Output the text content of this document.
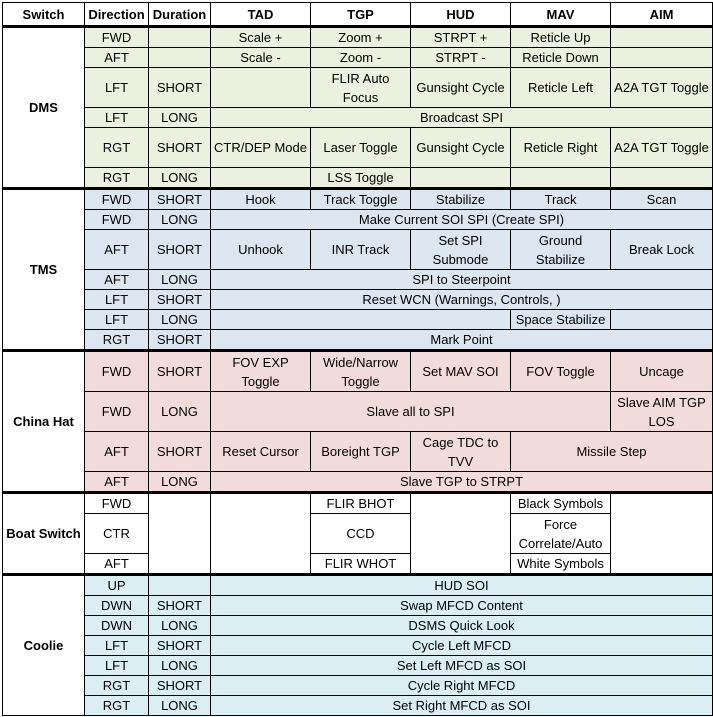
Switch	Direction	Duration	TAD	TGP	HUD	MAV	AIM
DMS	FWD		Scale +	Zoom +	STRPT +	Reticle Up	
	AFT		Scale -	Zoom -	STRPT -	Reticle Down	
	LFT	SHORT		FLIR Auto Focus	Gunsight Cycle	Reticle Left	A2A TGT Toggle
	LFT	LONG	Broadcast SPI				
	RGT	SHORT	CTR/DEP Mode	Laser Toggle	Gunsight Cycle	Reticle Right	A2A TGT Toggle
	RGT	LONG		LSS Toggle			
TMS	FWD	SHORT	Hook	Track Toggle	Stabilize	Track	Scan
	FWD	LONG	Make Current SOI SPI (Create SPI)				
	AFT	SHORT	Unhook	INR Track	Set SPI Submode	Ground Stabilize	Break Lock
	AFT	LONG	SPI to Steerpoint				
	LFT	SHORT	Reset WCN (Warnings, Controls, )				
	LFT	LONG				Space Stabilize	
	RGT	SHORT	Mark Point				
China Hat	FWD	SHORT	FOV EXP Toggle	Wide/Narrow Toggle	Set MAV SOI	FOV Toggle	Uncage
	FWD	LONG	Slave all to SPI				Slave AIM TGP LOS
	AFT	SHORT	Reset Cursor	Boreight TGP	Cage TDC to TVV	Missile Step	
	AFT	LONG	Slave TGP to STRPT				
Boat Switch	FWD			FLIR BHOT		Black Symbols	
	CTR			CCD		Force Correlate/Auto	
	AFT			FLIR WHOT		White Symbols	
Coolie	UP		HUD SOI				
	DWN	SHORT	Swap MFCD Content				
	DWN	LONG	DSMS Quick Look				
	LFT	SHORT	Cycle Left MFCD				
	LFT	LONG	Set Left MFCD as SOI				
	RGT	SHORT	Cycle Right MFCD				
	RGT	LONG	Set Right MFCD as SOI				
